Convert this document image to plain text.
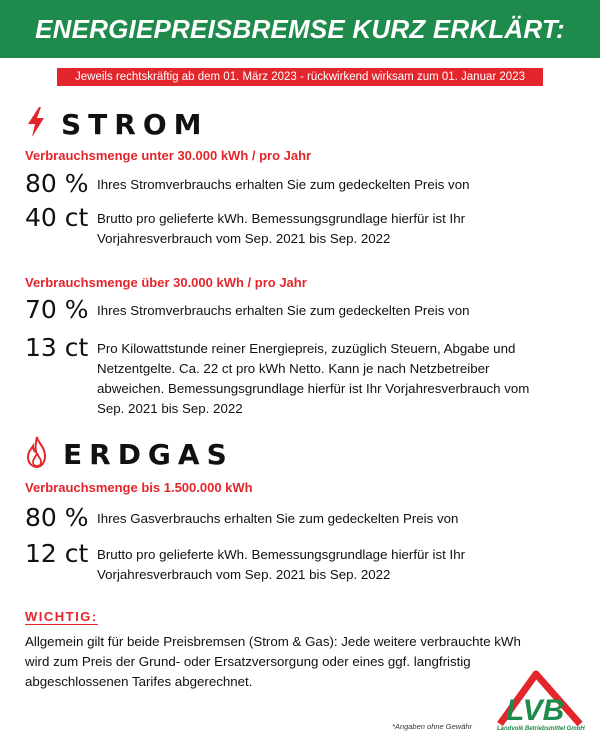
ENERGIEPREISBREMSE KURZ ERKLÄRT:
Jeweils rechtskräftig ab dem 01. März 2023 - rückwirkend wirksam zum 01. Januar 2023
STROM
Verbrauchsmenge unter 30.000 kWh / pro Jahr
80 % Ihres Stromverbrauchs erhalten Sie zum gedeckelten Preis von
40 ct Brutto pro gelieferte kWh. Bemessungsgrundlage hierfür ist Ihr Vorjahresverbrauch vom Sep. 2021 bis Sep. 2022
Verbrauchsmenge über 30.000 kWh / pro Jahr
70 % Ihres Stromverbrauchs erhalten Sie zum gedeckelten Preis von
13 ct Pro Kilowattstunde reiner Energiepreis, zuzüglich Steuern, Abgabe und Netzentgelte. Ca. 22 ct pro kWh Netto. Kann je nach Netzbetreiber abweichen. Bemessungsgrundlage hierfür ist Ihr Vorjahresverbrauch vom Sep. 2021 bis Sep. 2022
ERDGAS
Verbrauchsmenge bis 1.500.000 kWh
80 % Ihres Gasverbrauchs erhalten Sie zum gedeckelten Preis von
12 ct Brutto pro gelieferte kWh. Bemessungsgrundlage hierfür ist Ihr Vorjahresverbrauch vom Sep. 2021 bis Sep. 2022
WICHTIG:
Allgemein gilt für beide Preisbremsen (Strom & Gas): Jede weitere verbrauchte kWh wird zum Preis der Grund- oder Ersatzversorgung oder eines ggf. langfristig abgeschlossenen Tarifes abgerechnet.
*Angaben ohne Gewähr LVB
Landvolk Betriebsmittel GmbH
